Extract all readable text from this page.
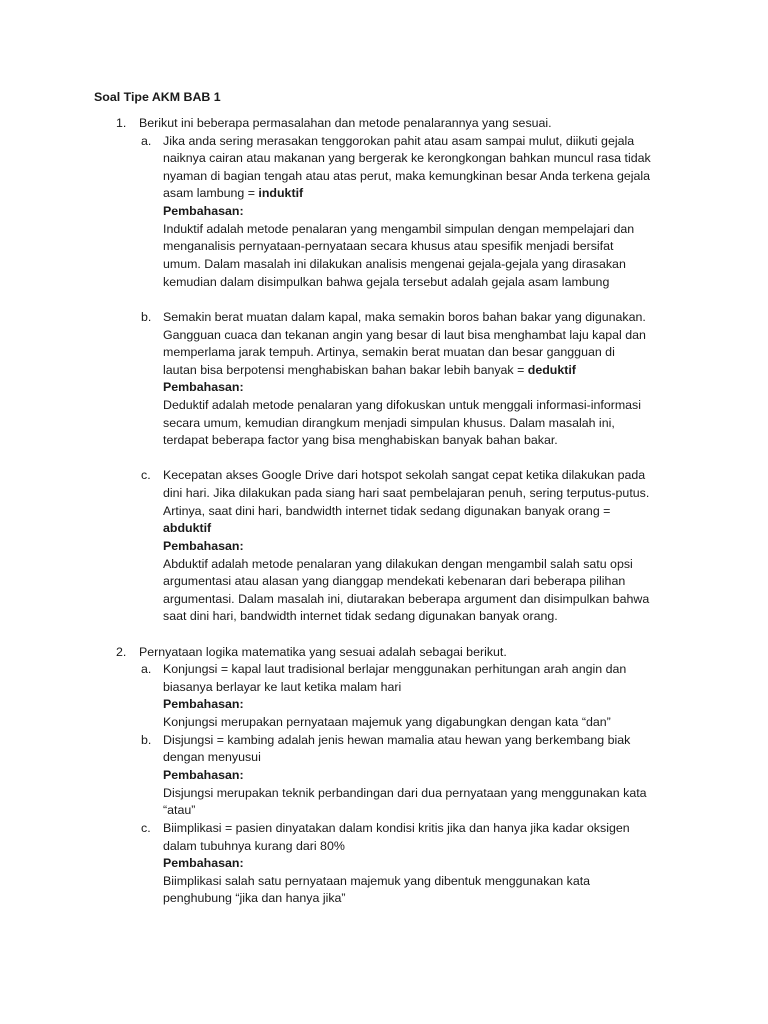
Soal Tipe AKM BAB 1
1. Berikut ini beberapa permasalahan dan metode penalarannya yang sesuai.
a. Jika anda sering merasakan tenggorokan pahit atau asam sampai mulut, diikuti gejala
naiknya cairan atau makanan yang bergerak ke kerongkongan bahkan muncul rasa tidak
nyaman di bagian tengah atau atas perut, maka kemungkinan besar Anda terkena gejala
asam lambung = induktif
Pembahasan:
Induktif adalah metode penalaran yang mengambil simpulan dengan mempelajari dan
menganalisis pernyataan-pernyataan secara khusus atau spesifik menjadi bersifat
umum. Dalam masalah ini dilakukan analisis mengenai gejala-gejala yang dirasakan
kemudian dalam disimpulkan bahwa gejala tersebut adalah gejala asam lambung
b. Semakin berat muatan dalam kapal, maka semakin boros bahan bakar yang digunakan.
Gangguan cuaca dan tekanan angin yang besar di laut bisa menghambat laju kapal dan
memperlama jarak tempuh. Artinya, semakin berat muatan dan besar gangguan di
lautan bisa berpotensi menghabiskan bahan bakar lebih banyak = deduktif
Pembahasan:
Deduktif adalah metode penalaran yang difokuskan untuk menggali informasi-informasi
secara umum, kemudian dirangkum menjadi simpulan khusus. Dalam masalah ini,
terdapat beberapa factor yang bisa menghabiskan banyak bahan bakar.
c. Kecepatan akses Google Drive dari hotspot sekolah sangat cepat ketika dilakukan pada
dini hari. Jika dilakukan pada siang hari saat pembelajaran penuh, sering terputus-putus.
Artinya, saat dini hari, bandwidth internet tidak sedang digunakan banyak orang =
abduktif
Pembahasan:
Abduktif adalah metode penalaran yang dilakukan dengan mengambil salah satu opsi
argumentasi atau alasan yang dianggap mendekati kebenaran dari beberapa pilihan
argumentasi. Dalam masalah ini, diutarakan beberapa argument dan disimpulkan bahwa
saat dini hari, bandwidth internet tidak sedang digunakan banyak orang.
2. Pernyataan logika matematika yang sesuai adalah sebagai berikut.
a. Konjungsi = kapal laut tradisional berlajar menggunakan perhitungan arah angin dan
biasanya berlayar ke laut ketika malam hari
Pembahasan:
Konjungsi merupakan pernyataan majemuk yang digabungkan dengan kata “dan”
b. Disjungsi = kambing adalah jenis hewan mamalia atau hewan yang berkembang biak
dengan menyusui
Pembahasan:
Disjungsi merupakan teknik perbandingan dari dua pernyataan yang menggunakan kata
“atau”
c. Biimplikasi = pasien dinyatakan dalam kondisi kritis jika dan hanya jika kadar oksigen
dalam tubuhnya kurang dari 80%
Pembahasan:
Biimplikasi salah satu pernyataan majemuk yang dibentuk menggunakan kata
penghubung “jika dan hanya jika”
